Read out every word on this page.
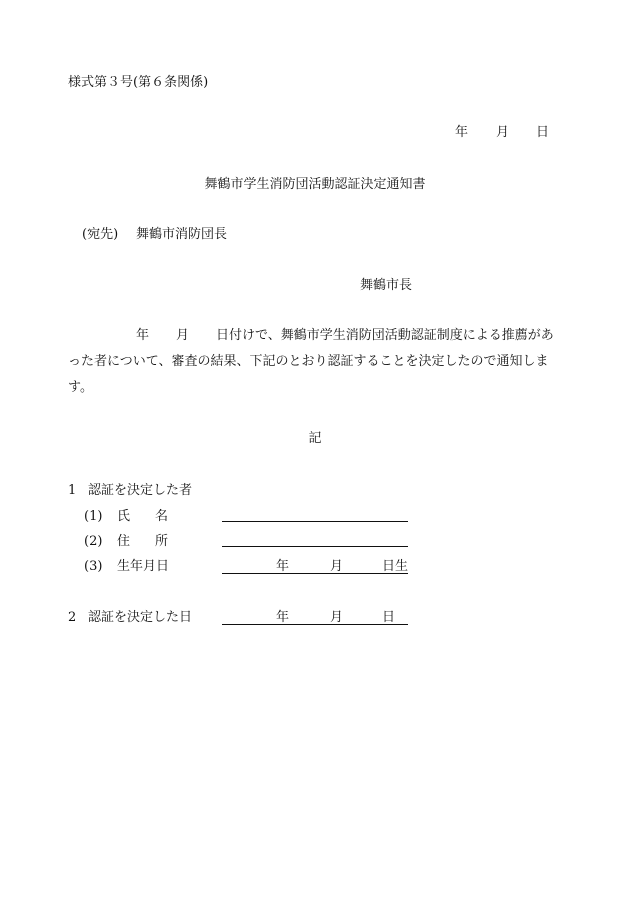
様式第３号(第６条関係)
年 月 日
舞鶴市学生消防団活動認証決定通知書
(宛先) 舞鶴市消防団長
舞鶴市長
年 月 日付けで、舞鶴市学生消防団活動認証制度による推薦があ
った者について、審査の結果、下記のとおり認証することを決定したので通知しま
す。
記
1 認証を決定した者
(1) 氏 名
(2) 住 所
(3) 生年月日	年	月	日生
2 認証を決定した日	年	月	日
